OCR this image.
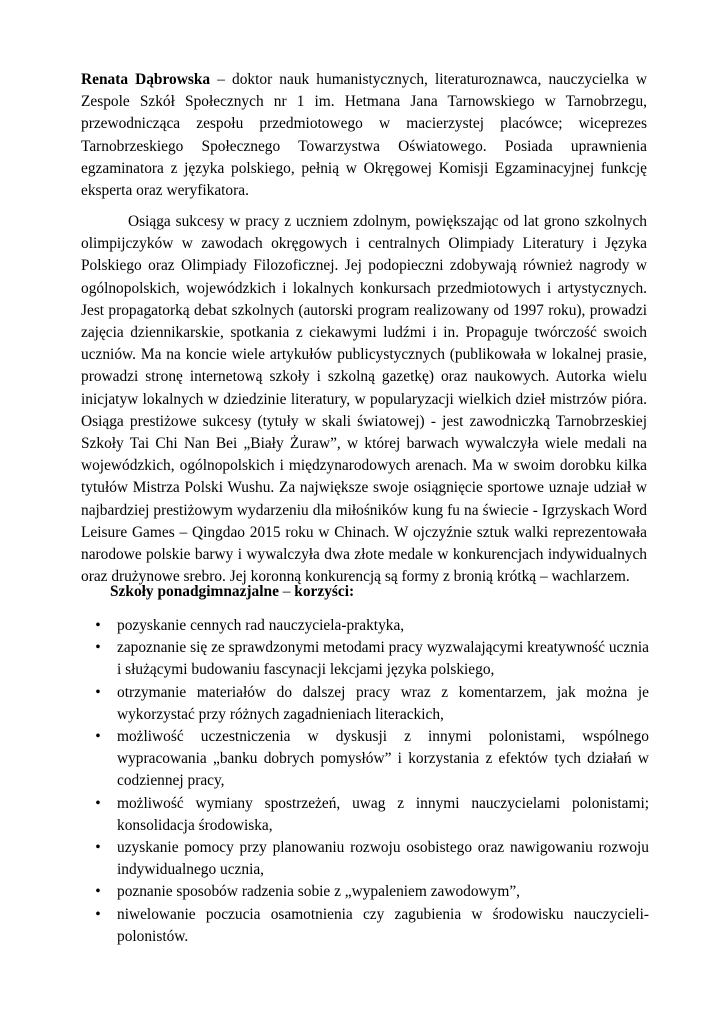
Renata Dąbrowska – doktor nauk humanistycznych, literaturoznawca, nauczycielka w Zespole Szkół Społecznych nr 1 im. Hetmana Jana Tarnowskiego w Tarnobrzegu, przewodnicząca zespołu przedmiotowego w macierzystej placówce; wiceprezes Tarnobrzeskiego Społecznego Towarzystwa Oświatowego. Posiada uprawnienia egzaminatora z języka polskiego, pełnią w Okręgowej Komisji Egzaminacyjnej funkcję eksperta oraz weryfikatora.

Osiąga sukcesy w pracy z uczniem zdolnym, powiększając od lat grono szkolnych olimpijczyków w zawodach okręgowych i centralnych Olimpiady Literatury i Języka Polskiego oraz Olimpiady Filozoficznej. Jej podopieczni zdobywają również nagrody w ogólnopolskich, wojewódzkich i lokalnych konkursach przedmiotowych i artystycznych. Jest propagatorką debat szkolnych (autorski program realizowany od 1997 roku), prowadzi zajęcia dziennikarskie, spotkania z ciekawymi ludźmi i in. Propaguje twórczość swoich uczniów. Ma na koncie wiele artykułów publicystycznych (publikowała w lokalnej prasie, prowadzi stronę internetową szkoły i szkolną gazetkę) oraz naukowych. Autorka wielu inicjatyw lokalnych w dziedzinie literatury, w popularyzacji wielkich dzieł mistrzów pióra. Osiąga prestiżowe sukcesy (tytuły w skali światowej) - jest zawodniczką Tarnobrzeskiej Szkoły Tai Chi Nan Bei „Biały Żuraw”, w której barwach wywalczyła wiele medali na wojewódzkich, ogólnopolskich i międzynarodowych arenach. Ma w swoim dorobku kilka tytułów Mistrza Polski Wushu. Za największe swoje osiągnięcie sportowe uznaje udział w najbardziej prestiżowym wydarzeniu dla miłośników kung fu na świecie - Igrzyskach Word Leisure Games – Qingdao 2015 roku w Chinach. W ojczyźnie sztuk walki reprezentowała narodowe polskie barwy i wywalczyła dwa złote medale w konkurencjach indywidualnych oraz drużynowe srebro. Jej koronną konkurencją są formy z bronią krótką – wachlarzem.

Szkoły ponadgimnazjalne – korzyści:

• pozyskanie cennych rad nauczyciela-praktyka,
• zapoznanie się ze sprawdzonymi metodami pracy wyzwalającymi kreatywność ucznia i służącymi budowaniu fascynacji lekcjami języka polskiego,
• otrzymanie materiałów do dalszej pracy wraz z komentarzem, jak można je wykorzystać przy różnych zagadnieniach literackich,
• możliwość uczestniczenia w dyskusji z innymi polonistami, wspólnego wypracowania „banku dobrych pomysłów” i korzystania z efektów tych działań w codziennej pracy,
• możliwość wymiany spostrzeżeń, uwag z innymi nauczycielami polonistami; konsolidacja środowiska,
• uzyskanie pomocy przy planowaniu rozwoju osobistego oraz nawigowaniu rozwoju indywidualnego ucznia,
• poznanie sposobów radzenia sobie z „wypaleniem zawodowym”,
• niwelowanie poczucia osamotnienia czy zagubienia w środowisku nauczycieli-polonistów.
